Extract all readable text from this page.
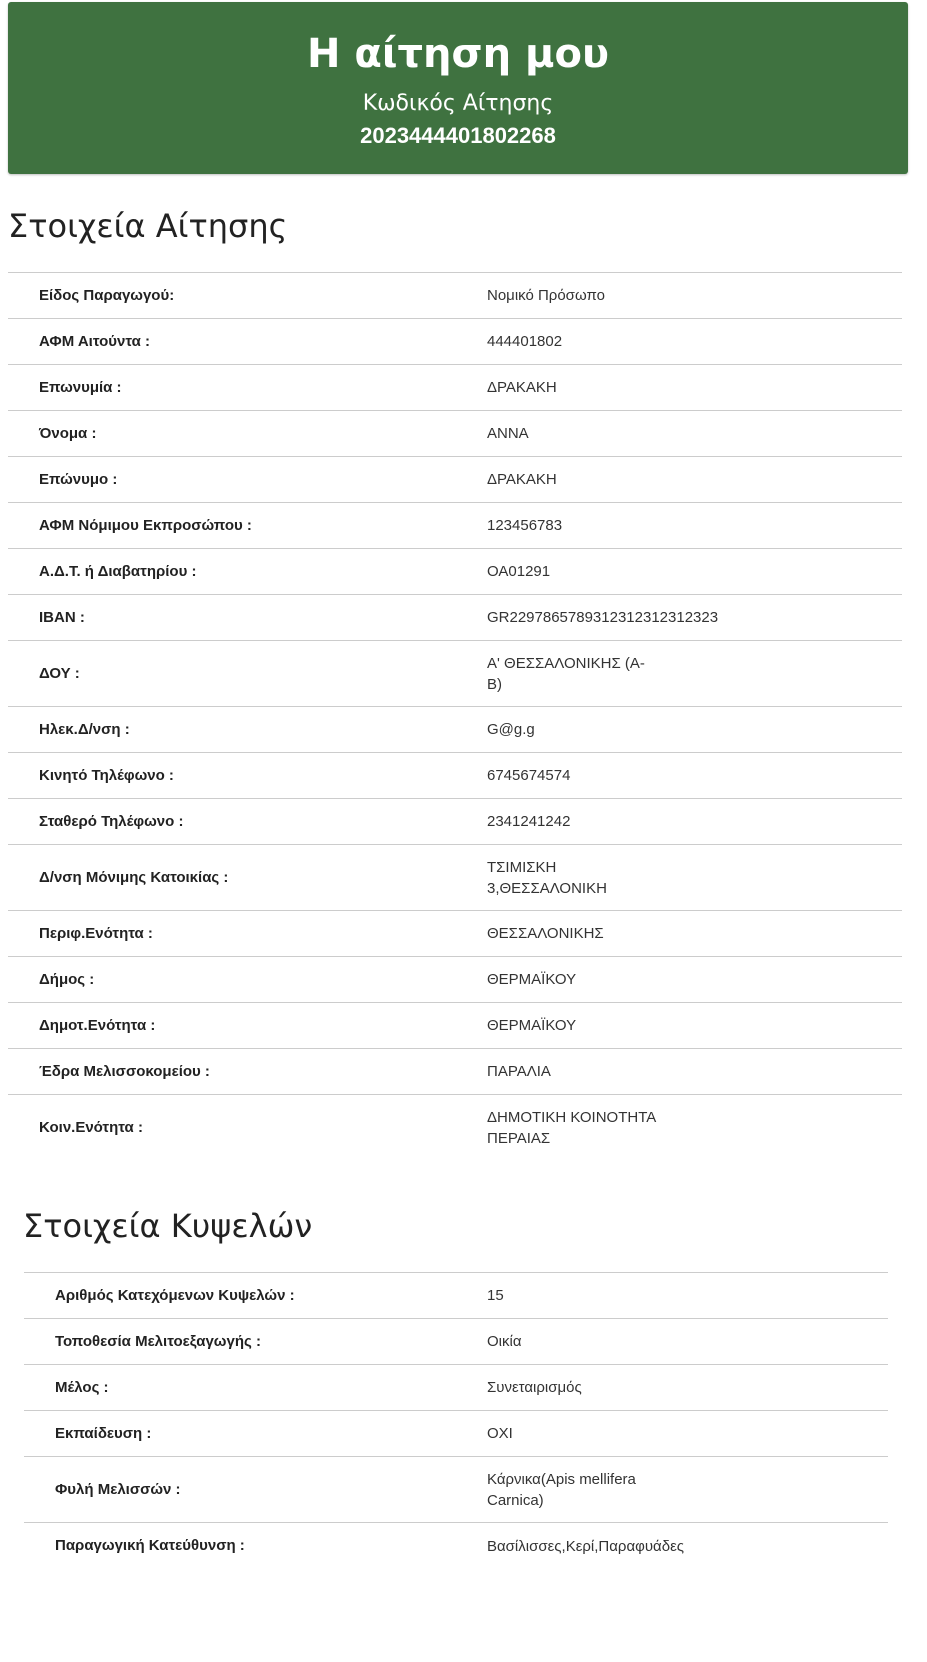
Η αίτηση μου
Κωδικός Αίτησης
2023444401802268
Στοιχεία Αίτησης
Είδος Παραγωγού:	Νομικό Πρόσωπο
ΑΦΜ Αιτούντα :	444401802
Επωνυμία :	ΔΡΑΚΑΚΗ
Όνομα :	ΑΝΝΑ
Επώνυμο :	ΔΡΑΚΑΚΗ
ΑΦΜ Νόμιμου Εκπροσώπου :	123456783
Α.Δ.Τ. ή Διαβατηρίου :	ΟΑ01291
IBAN :	GR2297865789312312312312323
ΔΟΥ :
Α' ΘΕΣΣΑΛΟΝΙΚΗΣ (Α-Β)
Ηλεκ.Δ/νση :	G@g.g
Κινητό Τηλέφωνο :	6745674574
Σταθερό Τηλέφωνο :	2341241242
Δ/νση Μόνιμης Κατοικίας :
ΤΣΙΜΙΣΚΗ 3,ΘΕΣΣΑΛΟΝΙΚΗ
Περιφ.Ενότητα :	ΘΕΣΣΑΛΟΝΙΚΗΣ
Δήμος :	ΘΕΡΜΑΪΚΟΥ
Δημοτ.Ενότητα :	ΘΕΡΜΑΪΚΟΥ
Έδρα Μελισσοκομείου :	ΠΑΡΑΛΙΑ
Κοιν.Ενότητα :
ΔΗΜΟΤΙΚΗ ΚΟΙΝΟΤΗΤΑ ΠΕΡΑΙΑΣ
Στοιχεία Κυψελών
Αριθμός Κατεχόμενων Κυψελών :	15
Τοποθεσία Μελιτοεξαγωγής :	Οικία
Μέλος :	Συνεταιρισμός
Εκπαίδευση :	ΟΧΙ
Φυλή Μελισσών :
Κάρνικα(Apis mellifera Carnica)
Παραγωγική Κατεύθυνση :	Βασίλισσες,Κερί,Παραφυάδες
